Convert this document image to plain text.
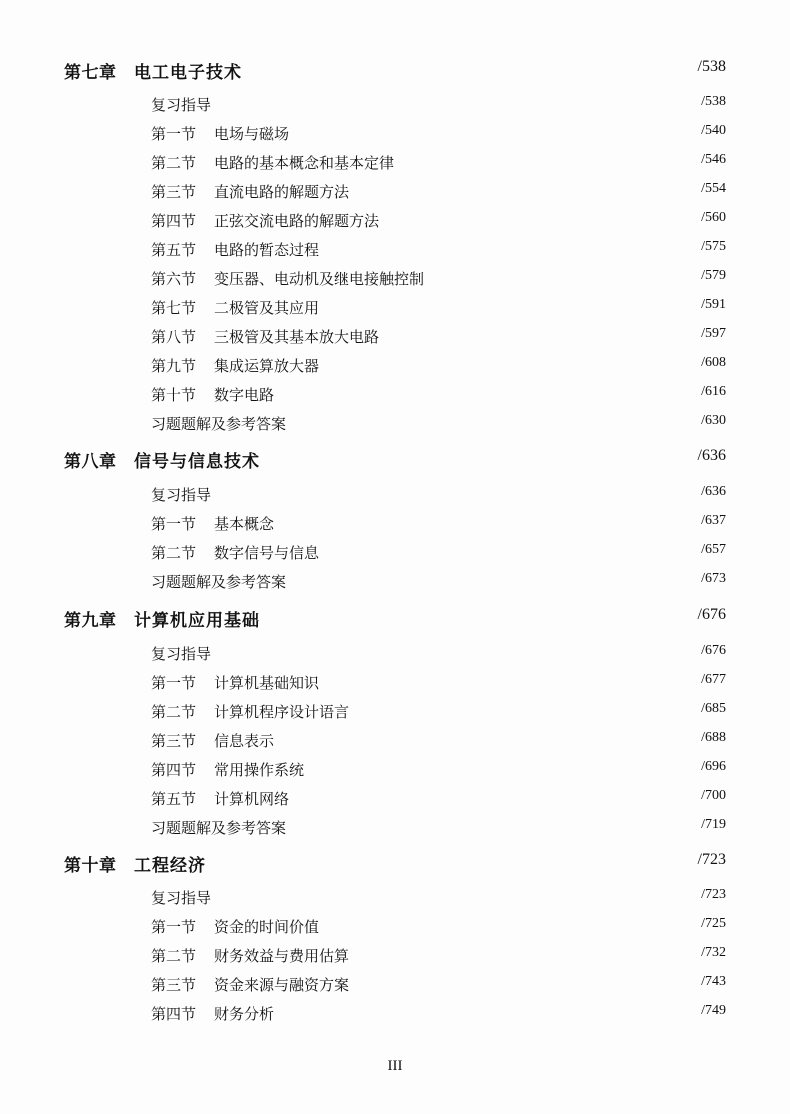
第七章 电工电子技术	/538
复习指导	/538
第一节 电场与磁场	/540
第二节 电路的基本概念和基本定律	/546
第三节 直流电路的解题方法	/554
第四节 正弦交流电路的解题方法	/560
第五节 电路的暂态过程	/575
第六节 变压器、电动机及继电接触控制	/579
第七节 二极管及其应用	/591
第八节 三极管及其基本放大电路	/597
第九节 集成运算放大器	/608
第十节 数字电路	/616
习题题解及参考答案	/630
第八章 信号与信息技术	/636
复习指导	/636
第一节 基本概念	/637
第二节 数字信号与信息	/657
习题题解及参考答案	/673
第九章 计算机应用基础	/676
复习指导	/676
第一节 计算机基础知识	/677
第二节 计算机程序设计语言	/685
第三节 信息表示	/688
第四节 常用操作系统	/696
第五节 计算机网络	/700
习题题解及参考答案	/719
第十章 工程经济	/723
复习指导	/723
第一节 资金的时间价值	/725
第二节 财务效益与费用估算	/732
第三节 资金来源与融资方案	/743
第四节 财务分析	/749
III
